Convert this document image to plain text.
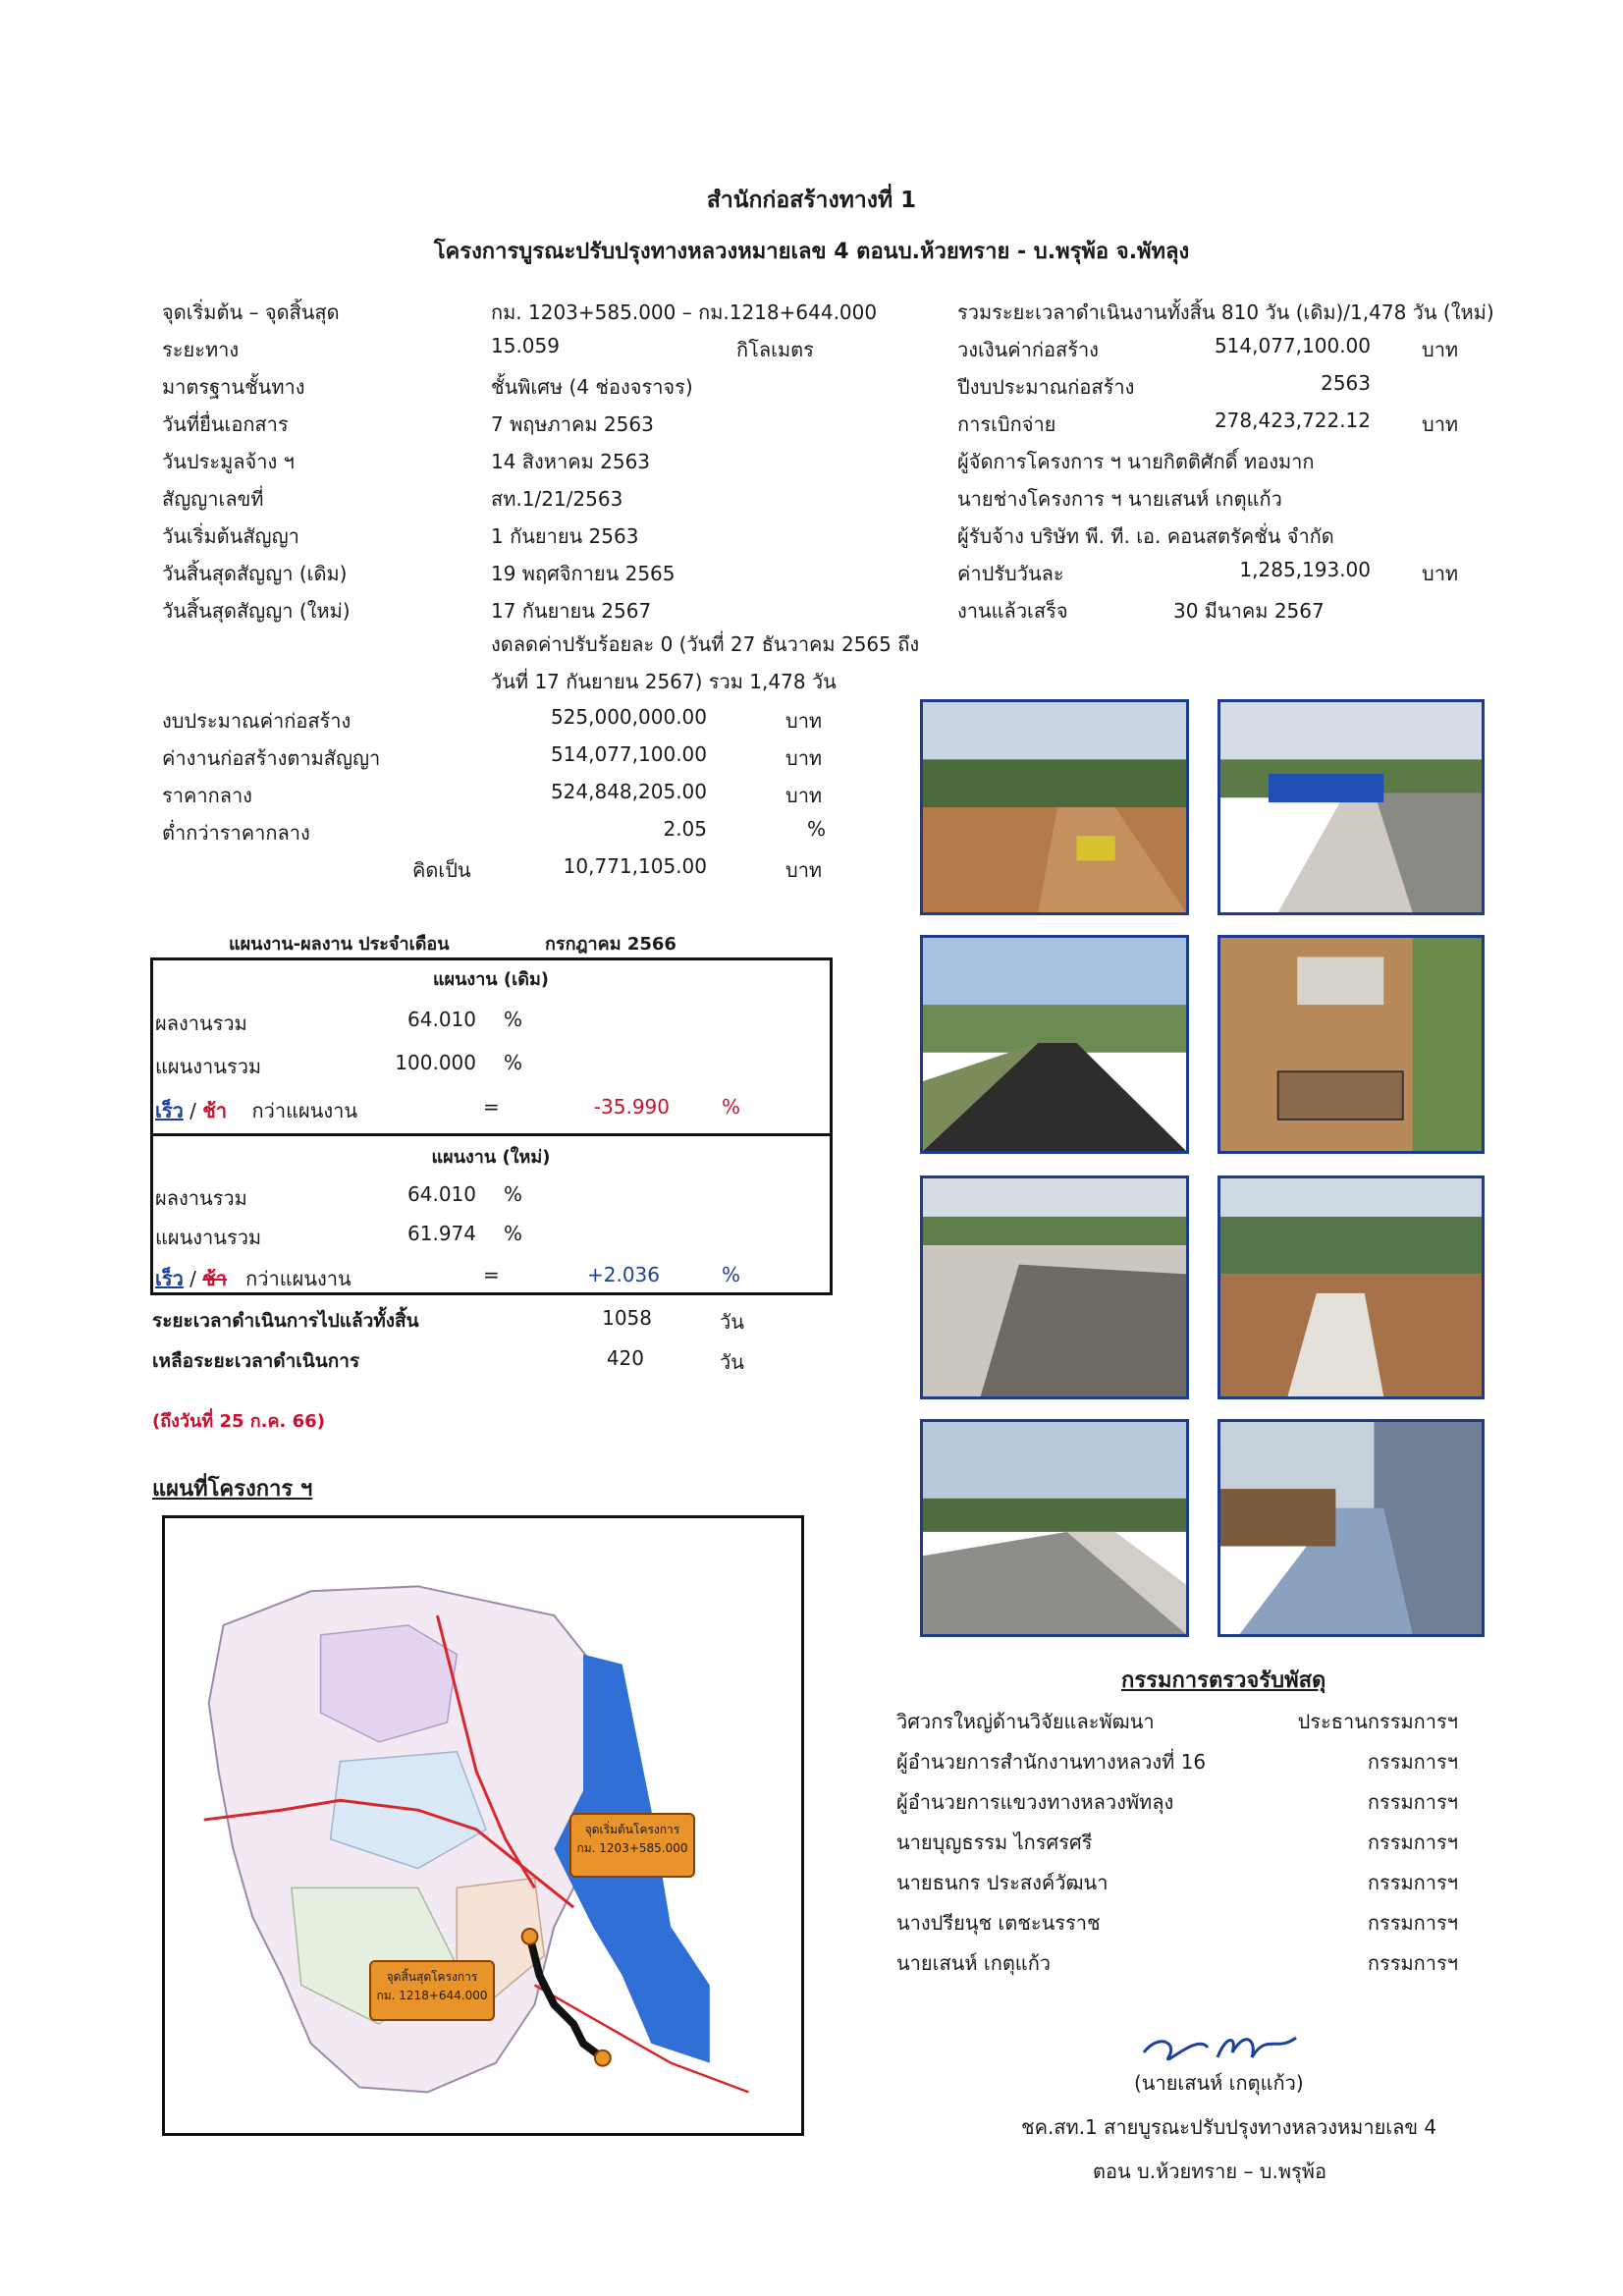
สำนักก่อสร้างทางที่ 1
โครงการบูรณะปรับปรุงทางหลวงหมายเลข 4 ตอนบ.ห้วยทราย - บ.พรุพ้อ จ.พัทลุง
จุดเริ่มต้น – จุดสิ้นสุด	กม. 1203+585.000 – กม.1218+644.000
ระยะทาง	15.059	กิโลเมตร
มาตรฐานชั้นทาง	ชั้นพิเศษ (4 ช่องจราจร)
วันที่ยื่นเอกสาร	7 พฤษภาคม 2563
วันประมูลจ้าง ฯ	14 สิงหาคม 2563
สัญญาเลขที่	สท.1/21/2563
วันเริ่มต้นสัญญา	1 กันยายน 2563
วันสิ้นสุดสัญญา (เดิม)	19 พฤศจิกายน 2565
วันสิ้นสุดสัญญา (ใหม่)	17 กันยายน 2567
งดลดค่าปรับร้อยละ 0 (วันที่ 27 ธันวาคม 2565 ถึง
วันที่ 17 กันยายน 2567) รวม 1,478 วัน
รวมระยะเวลาดำเนินงานทั้งสิ้น 810 วัน (เดิม)/1,478 วัน (ใหม่)
วงเงินค่าก่อสร้าง	514,077,100.00	บาท
ปีงบประมาณก่อสร้าง	2563
การเบิกจ่าย	278,423,722.12	บาท
ผู้จัดการโครงการ ฯ นายกิตติศักดิ์ ทองมาก
นายช่างโครงการ ฯ นายเสนห์ เกตุแก้ว
ผู้รับจ้าง บริษัท พี. ที. เอ. คอนสตรัคชั่น จำกัด
ค่าปรับวันละ	1,285,193.00	บาท
งานแล้วเสร็จ	30 มีนาคม 2567
งบประมาณค่าก่อสร้าง	525,000,000.00	บาท
ค่างานก่อสร้างตามสัญญา	514,077,100.00	บาท
ราคากลาง	524,848,205.00	บาท
ต่ำกว่าราคากลาง	2.05	%
คิดเป็น	10,771,105.00	บาท
แผนงาน-ผลงาน ประจำเดือน	กรกฎาคม 2566
แผนงาน (เดิม)
ผลงานรวม	64.010 %
แผนงานรวม	100.000 %
เร็ว / ช้า กว่าแผนงาน	=	-35.990	%
แผนงาน (ใหม่)
ผลงานรวม	64.010 %
แผนงานรวม	61.974 %
เร็ว / ช้า กว่าแผนงาน	=	+2.036	%
ระยะเวลาดำเนินการไปแล้วทั้งสิ้น	1058	วัน
เหลือระยะเวลาดำเนินการ	420	วัน
(ถึงวันที่ 25 ก.ค. 66)
แผนที่โครงการ ฯ
จุดเริ่มต้นโครงการ
กม. 1203+585.000
จุดสิ้นสุดโครงการ
กม. 1218+644.000
กรรมการตรวจรับพัสดุ
วิศวกรใหญ่ด้านวิจัยและพัฒนา	ประธานกรรมการฯ
ผู้อำนวยการสำนักงานทางหลวงที่ 16	กรรมการฯ
ผู้อำนวยการแขวงทางหลวงพัทลุง	กรรมการฯ
นายบุญธรรม ไกรศรศรี	กรรมการฯ
นายธนกร ประสงค์วัฒนา	กรรมการฯ
นางปรียนุช เตชะนรราช	กรรมการฯ
นายเสนห์ เกตุแก้ว	กรรมการฯ
(นายเสนห์ เกตุแก้ว)
ชค.สท.1 สายบูรณะปรับปรุงทางหลวงหมายเลข 4
ตอน บ.ห้วยทราย – บ.พรุพ้อ
